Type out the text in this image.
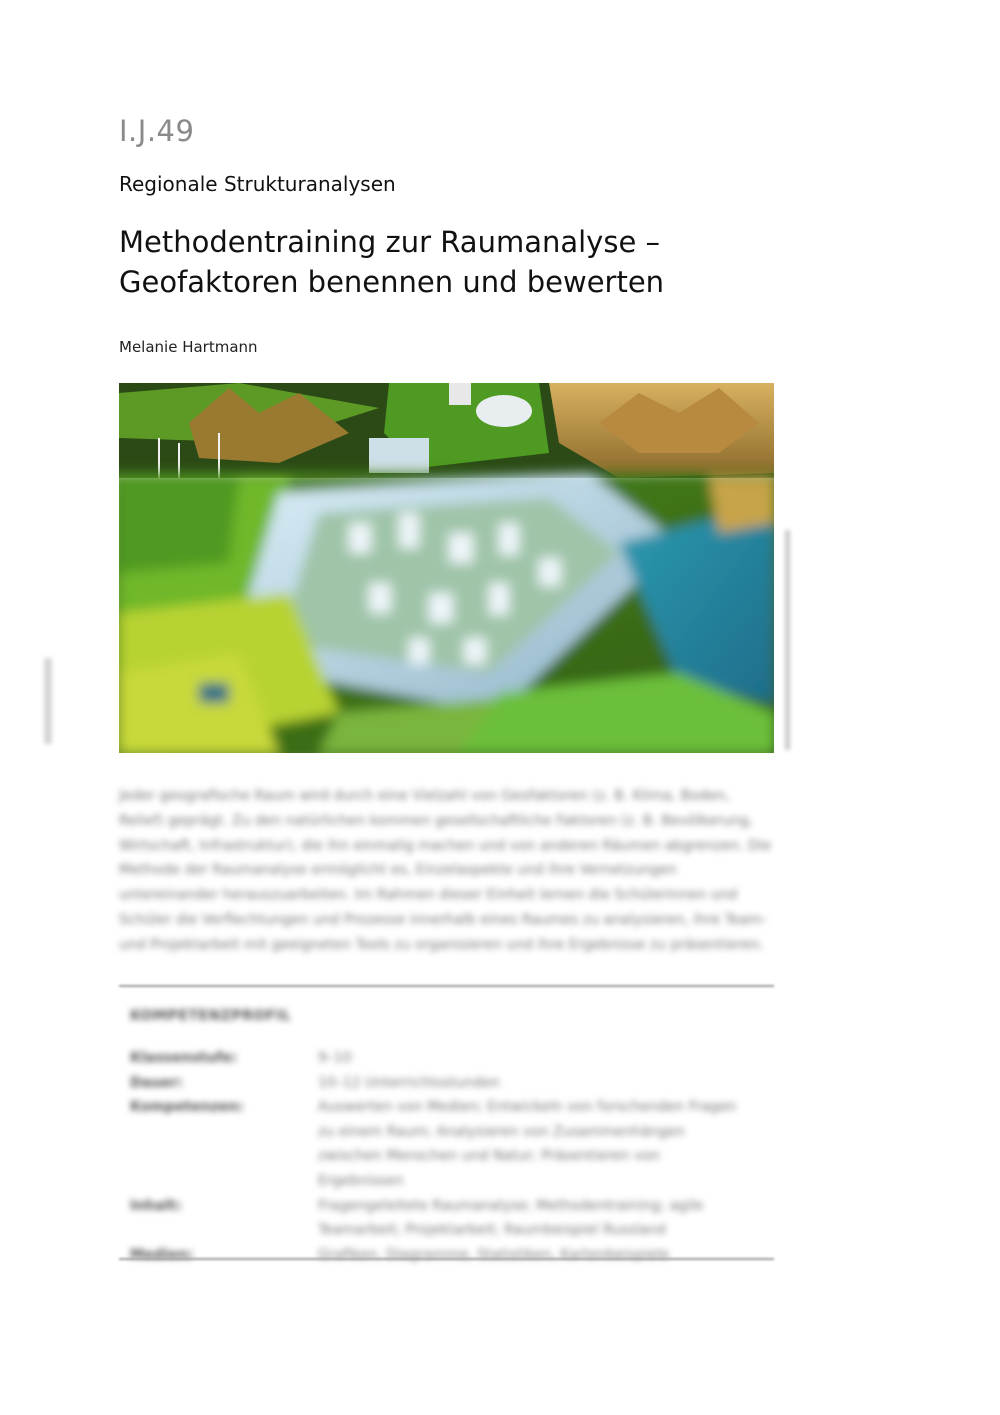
I.J.49
Regionale Strukturanalysen
Methodentraining zur Raumanalyse –
Geofaktoren benennen und bewerten
Melanie Hartmann

Jeder geografische Raum wird durch eine Vielzahl von Geofaktoren (z. B. Klima, Boden, Relief) geprägt. Zu den natürlichen kommen gesellschaftliche Faktoren (z. B. Bevölkerung, Wirtschaft, Infrastruktur), die ihn einmalig machen und von anderen Räumen abgrenzen. Die Methode der Raumanalyse ermöglicht es, Einzelaspekte und ihre Vernetzungen untereinander herauszuarbeiten. Im Rahmen dieser Einheit lernen die Schülerinnen und Schüler die Verflechtungen und Prozesse innerhalb eines Raumes zu analysieren, ihre Team- und Projektarbeit mit geeigneten Tools zu organisieren und ihre Ergebnisse zu präsentieren.

KOMPETENZPROFIL
Klassenstufe:	9–10
Dauer:	10–12 Unterrichtsstunden
Kompetenzen:	Auswerten von Medien; Entwickeln von forschenden Fragen zu einem Raum; Analysieren von Zusammenhängen zwischen Menschen und Natur; Präsentieren von Ergebnissen
Inhalt:	Fragengeleitete Raumanalyse; Methodentraining; agile Teamarbeit; Projektarbeit; Raumbeispiel Russland
Medien:	Grafiken, Diagramme, Statistiken, Kartenbeispiele
